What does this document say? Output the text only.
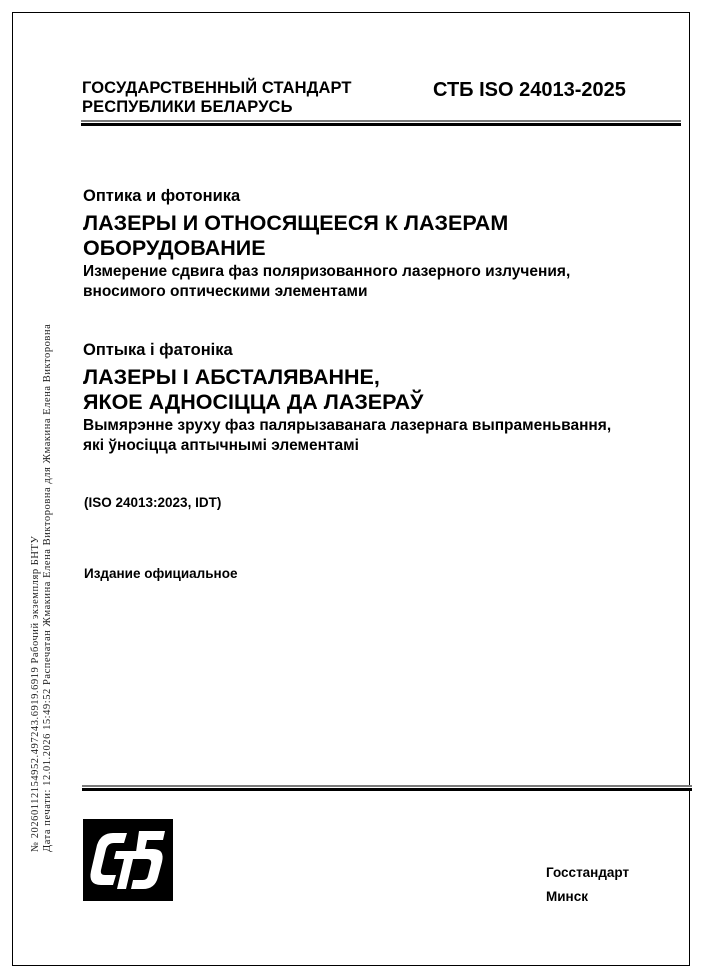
ГОСУДАРСТВЕННЫЙ СТАНДАРТ
РЕСПУБЛИКИ БЕЛАРУСЬ
СТБ ISO 24013-2025
Оптика и фотоника
ЛАЗЕРЫ И ОТНОСЯЩЕЕСЯ К ЛАЗЕРАМ
ОБОРУДОВАНИЕ
Измерение сдвига фаз поляризованного лазерного излучения,
вносимого оптическими элементами
Оптыка і фатоніка
ЛАЗЕРЫ І АБСТАЛЯВАННЕ,
ЯКОЕ АДНОСІЦЦА ДА ЛАЗЕРАЎ
Вымярэнне зруху фаз палярызаванага лазернага выпраменьвання,
які ўносіцца аптычнымі элементамі
(ISO 24013:2023, IDT)
Издание официальное
№ 20260112154952.497243.6919.6919 Рабочий экземпляр БНТУ Дата печати: 12.01.2026 15:49:52 Распечатан Жмакина Елена Викторовна для Жмакина Елена Викторовна
Госстандарт
Минск
